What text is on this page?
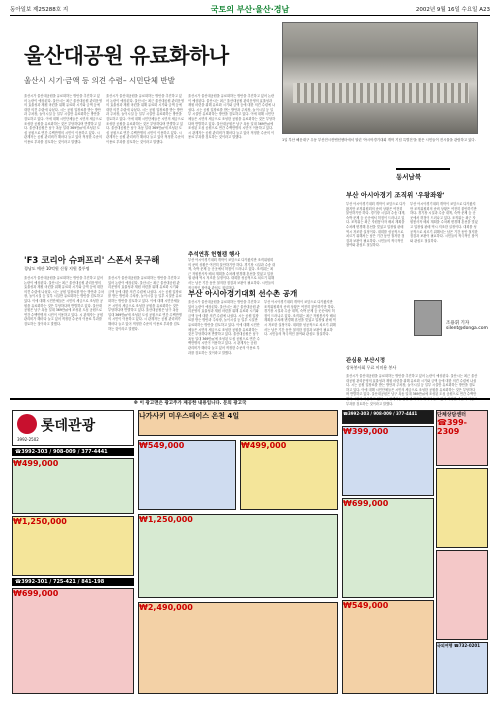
동아일보 제25288호 지	국토의 부산·울산·경남	2002년 9월 16일 수요일 A23
울산대공원 유료화하나
울산시 시기·금액 등 의견 수렴– 시민단체 반발
울산시가 울산대공원을 유료화하는 방안을 추진하고 있어 논란이 예상된다. 울산시는 최근 울산대공원 관리운영의 효율성과 재원 마련을 위해 유료화 시기와 금액 등에 대한 의견 수렴에 나섰다. 시는 공원 입장료를 받는 방안과 주차장, 놀이시설 등 일부 시설만 유료화하는 방안을 검토하고 있다. 이에 대해 시민단체들은 시민의 세금으로 조성한 공원을 유료화하는 것은 부당하다며 반발하고 있다. 울산대공원은 남구 옥동 일대 369만㎡에 조성된 도심 공원으로 연간 수백만명의 시민이 이용하고 있다. 시 관계자는 공원 관리비가 해마다 늘고 있어 적정한 수준의 이용료 부과를 검토하는 것이라고 말했다.
울산시가 울산대공원을 유료화하는 방안을 추진하고 있어 논란이 예상된다. 울산시는 최근 울산대공원 관리운영의 효율성과 재원 마련을 위해 유료화 시기와 금액 등에 대한 의견 수렴에 나섰다. 시는 공원 입장료를 받는 방안과 주차장, 놀이시설 등 일부 시설만 유료화하는 방안을 검토하고 있다. 이에 대해 시민단체들은 시민의 세금으로 조성한 공원을 유료화하는 것은 부당하다며 반발하고 있다. 울산대공원은 남구 옥동 일대 369만㎡에 조성된 도심 공원으로 연간 수백만명의 시민이 이용하고 있다. 시 관계자는 공원 관리비가 해마다 늘고 있어 적정한 수준의 이용료 부과를 검토하는 것이라고 말했다.
울산시가 울산대공원을 유료화하는 방안을 추진하고 있어 논란이 예상된다. 울산시는 최근 울산대공원 관리운영의 효율성과 재원 마련을 위해 유료화 시기와 금액 등에 대한 의견 수렴에 나섰다. 시는 공원 입장료를 받는 방안과 주차장, 놀이시설 등 일부 시설만 유료화하는 방안을 검토하고 있다. 이에 대해 시민단체들은 시민의 세금으로 조성한 공원을 유료화하는 것은 부당하다며 반발하고 있다. 울산대공원은 남구 옥동 일대 369만㎡에 조성된 도심 공원으로 연간 수백만명의 시민이 이용하고 있다. 시 관계자는 공원 관리비가 해마다 늘고 있어 적정한 수준의 이용료 부과를 검토하는 것이라고 말했다.
1일 부산 해운대구 우동 부산전시컨벤션센터에서 열린 '아시아경기대회 개막 기념 특별전'을 찾은 시민들이 전시물을 관람하고 있다.
동서남북
부산 아시아경기 조직위 '우왕좌왕'
부산 아시아경기대회 개막이 코앞으로 다가왔지만 조직위원회의 준비 상황은 여전히 불안하기만 하다. 경기장 시설과 수송 대책, 숙박 문제 등 곳곳에서 허점이 드러나고 있다. 조직위는 최근 자원봉사자 배치 계획을 수차례 변경해 혼선을 빚었고 입장권 판매 역시 저조한 실정이다. 대회를 성공적으로 치르기 위해서는 남은 기간 동안 철저한 점검과 보완이 필요하다. 시민들의 적극적인 참여와 관심도 절실하다.
부산 아시아경기대회 개막이 코앞으로 다가왔지만 조직위원회의 준비 상황은 여전히 불안하기만 하다. 경기장 시설과 수송 대책, 숙박 문제 등 곳곳에서 허점이 드러나고 있다. 조직위는 최근 자원봉사자 배치 계획을 수차례 변경해 혼선을 빚었고 입장권 판매 역시 저조한 실정이다. 대회를 성공적으로 치르기 위해서는 남은 기간 동안 철저한 점검과 보완이 필요하다. 시민들의 적극적인 참여와 관심도 절실하다.
조용휘 기자
silent@donga.com
'F3 코리아 슈퍼프리' 스폰서 못구해
경남도 예산 10억원 신청 지원 불투명
울산시가 울산대공원을 유료화하는 방안을 추진하고 있어 논란이 예상된다. 울산시는 최근 울산대공원 관리운영의 효율성과 재원 마련을 위해 유료화 시기와 금액 등에 대한 의견 수렴에 나섰다. 시는 공원 입장료를 받는 방안과 주차장, 놀이시설 등 일부 시설만 유료화하는 방안을 검토하고 있다. 이에 대해 시민단체들은 시민의 세금으로 조성한 공원을 유료화하는 것은 부당하다며 반발하고 있다. 울산대공원은 남구 옥동 일대 369만㎡에 조성된 도심 공원으로 연간 수백만명의 시민이 이용하고 있다. 시 관계자는 공원 관리비가 해마다 늘고 있어 적정한 수준의 이용료 부과를 검토하는 것이라고 말했다.
울산시가 울산대공원을 유료화하는 방안을 추진하고 있어 논란이 예상된다. 울산시는 최근 울산대공원 관리운영의 효율성과 재원 마련을 위해 유료화 시기와 금액 등에 대한 의견 수렴에 나섰다. 시는 공원 입장료를 받는 방안과 주차장, 놀이시설 등 일부 시설만 유료화하는 방안을 검토하고 있다. 이에 대해 시민단체들은 시민의 세금으로 조성한 공원을 유료화하는 것은 부당하다며 반발하고 있다. 울산대공원은 남구 옥동 일대 369만㎡에 조성된 도심 공원으로 연간 수백만명의 시민이 이용하고 있다. 시 관계자는 공원 관리비가 해마다 늘고 있어 적정한 수준의 이용료 부과를 검토하는 것이라고 말했다.
추석연휴 헌혈캠 행사
부산 아시아경기대회 개막이 코앞으로 다가왔지만 조직위원회의 준비 상황은 여전히 불안하기만 하다. 경기장 시설과 수송 대책, 숙박 문제 등 곳곳에서 허점이 드러나고 있다. 조직위는 최근 자원봉사자 배치 계획을 수차례 변경해 혼선을 빚었고 입장권 판매 역시 저조한 실정이다. 대회를 성공적으로 치르기 위해서는 남은 기간 동안 철저한 점검과 보완이 필요하다. 시민들의 적극적인 참여와 관심도 절실하다.
부산 아시아경기대회 선수촌 공개
울산시가 울산대공원을 유료화하는 방안을 추진하고 있어 논란이 예상된다. 울산시는 최근 울산대공원 관리운영의 효율성과 재원 마련을 위해 유료화 시기와 금액 등에 대한 의견 수렴에 나섰다. 시는 공원 입장료를 받는 방안과 주차장, 놀이시설 등 일부 시설만 유료화하는 방안을 검토하고 있다. 이에 대해 시민단체들은 시민의 세금으로 조성한 공원을 유료화하는 것은 부당하다며 반발하고 있다. 울산대공원은 남구 옥동 일대 369만㎡에 조성된 도심 공원으로 연간 수백만명의 시민이 이용하고 있다. 시 관계자는 공원 관리비가 해마다 늘고 있어 적정한 수준의 이용료 부과를 검토하는 것이라고 말했다.
부산 아시아경기대회 개막이 코앞으로 다가왔지만 조직위원회의 준비 상황은 여전히 불안하기만 하다. 경기장 시설과 수송 대책, 숙박 문제 등 곳곳에서 허점이 드러나고 있다. 조직위는 최근 자원봉사자 배치 계획을 수차례 변경해 혼선을 빚었고 입장권 판매 역시 저조한 실정이다. 대회를 성공적으로 치르기 위해서는 남은 기간 동안 철저한 점검과 보완이 필요하다. 시민들의 적극적인 참여와 관심도 절실하다.
관심용 부산시정
상록봉사회 무료 이미용 봉사
울산시가 울산대공원을 유료화하는 방안을 추진하고 있어 논란이 예상된다. 울산시는 최근 울산대공원 관리운영의 효율성과 재원 마련을 위해 유료화 시기와 금액 등에 대한 의견 수렴에 나섰다. 시는 공원 입장료를 받는 방안과 주차장, 놀이시설 등 일부 시설만 유료화하는 방안을 검토하고 있다. 이에 대해 시민단체들은 시민의 세금으로 조성한 공원을 유료화하는 것은 부당하다며 반발하고 있다. 울산대공원은 남구 옥동 일대 369만㎡에 조성된 도심 공원으로 연간 수백만명의 시민이 이용하고 있다. 시 관계자는 공원 관리비가 해마다 늘고 있어 적정한 수준의 이용료 부과를 검토하는 것이라고 말했다.
※ 이 광고면은 광고주가 제공한 내용입니다. 문의 광고국
롯데관광
3992-2502
☎3992-303 / 908-009 / 377-4441
₩499,000
₩1,250,000
☎3992-301 / 725-421 / 841-198
₩699,000
나가사키 미우스테이스 온천 4일
₩549,000	₩499,000
₩1,250,000
₩2,490,000
☎3992-303 / 908-009 / 377-4441	단체상담센터
☎399-2309
₩399,000
₩699,000
₩549,000
국외여행 ☎732-0201
